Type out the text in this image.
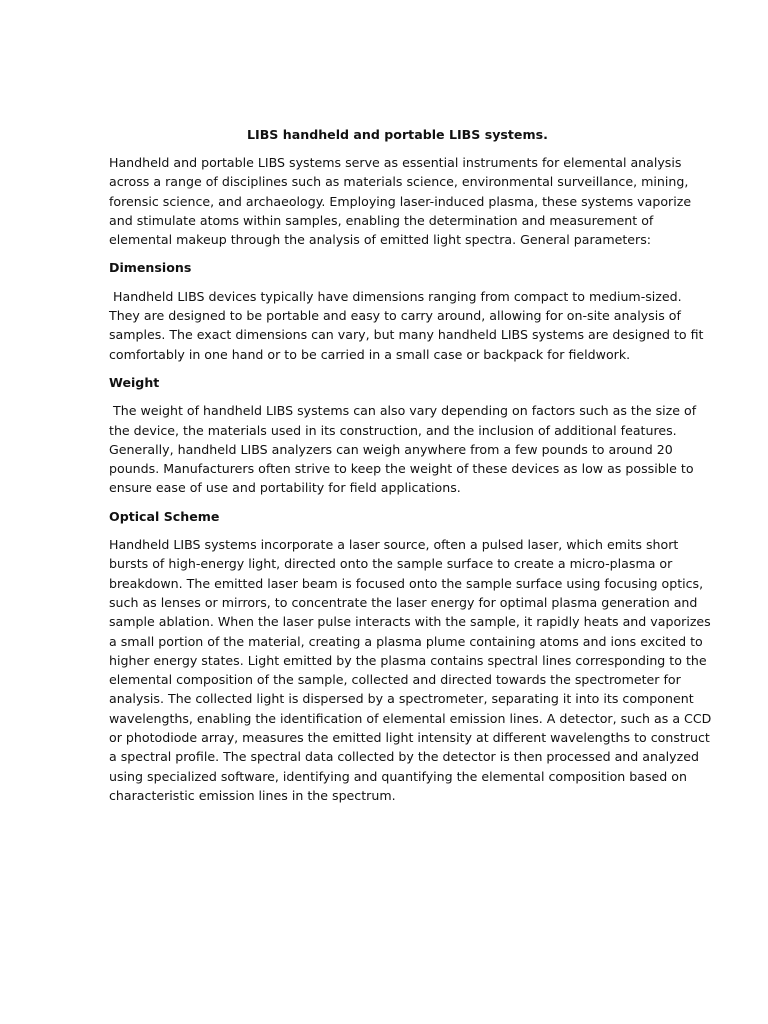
LIBS handheld and portable LIBS systems.

Handheld and portable LIBS systems serve as essential instruments for elemental analysis across a range of disciplines such as materials science, environmental surveillance, mining, forensic science, and archaeology. Employing laser-induced plasma, these systems vaporize and stimulate atoms within samples, enabling the determination and measurement of elemental makeup through the analysis of emitted light spectra. General parameters:

Dimensions

Handheld LIBS devices typically have dimensions ranging from compact to medium-sized. They are designed to be portable and easy to carry around, allowing for on-site analysis of samples. The exact dimensions can vary, but many handheld LIBS systems are designed to fit comfortably in one hand or to be carried in a small case or backpack for fieldwork.

Weight

The weight of handheld LIBS systems can also vary depending on factors such as the size of the device, the materials used in its construction, and the inclusion of additional features. Generally, handheld LIBS analyzers can weigh anywhere from a few pounds to around 20 pounds. Manufacturers often strive to keep the weight of these devices as low as possible to ensure ease of use and portability for field applications.

Optical Scheme

Handheld LIBS systems incorporate a laser source, often a pulsed laser, which emits short bursts of high-energy light, directed onto the sample surface to create a micro-plasma or breakdown. The emitted laser beam is focused onto the sample surface using focusing optics, such as lenses or mirrors, to concentrate the laser energy for optimal plasma generation and sample ablation. When the laser pulse interacts with the sample, it rapidly heats and vaporizes a small portion of the material, creating a plasma plume containing atoms and ions excited to higher energy states. Light emitted by the plasma contains spectral lines corresponding to the elemental composition of the sample, collected and directed towards the spectrometer for analysis. The collected light is dispersed by a spectrometer, separating it into its component wavelengths, enabling the identification of elemental emission lines. A detector, such as a CCD or photodiode array, measures the emitted light intensity at different wavelengths to construct a spectral profile. The spectral data collected by the detector is then processed and analyzed using specialized software, identifying and quantifying the elemental composition based on characteristic emission lines in the spectrum.
